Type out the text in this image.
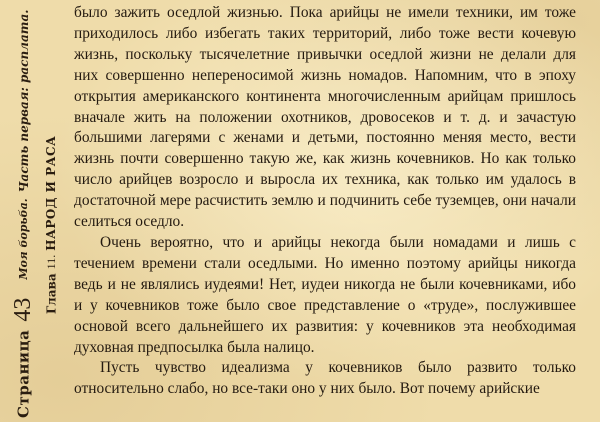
Страница43Моя борьба.Часть первая: расплата.
Глава11.НАРОД И РАСА

было зажить оседлой жизнью. Пока арийцы не имели техники, им тоже приходилось либо избегать таких территорий, либо тоже вести кочевую жизнь, поскольку тысячелетние привычки оседлой жизни не делали для них совершенно непереносимой жизнь номадов. Напомним, что в эпоху открытия американского континента многочисленным арийцам пришлось вначале жить на положении охотников, дровосеков и т. д. и зачастую большими лагерями с женами и детьми, постоянно меняя место, вести жизнь почти совершенно такую же, как жизнь кочевников. Но как только число арийцев возросло и выросла их техника, как только им удалось в достаточной мере расчистить землю и подчинить себе туземцев, они начали селиться оседло.

Очень вероятно, что и арийцы некогда были номадами и лишь с течением времени стали оседлыми. Но именно поэтому арийцы никогда ведь и не являлись иудеями! Нет, иудеи никогда не были кочевниками, ибо и у кочевников тоже было свое представление о «труде», послужившее основой всего дальнейшего их развития: у кочевников эта необходимая духовная предпосылка была налицо.

Пусть чувство идеализма у кочевников было развито только относительно слабо, но все-таки оно у них было. Вот почему арийские
